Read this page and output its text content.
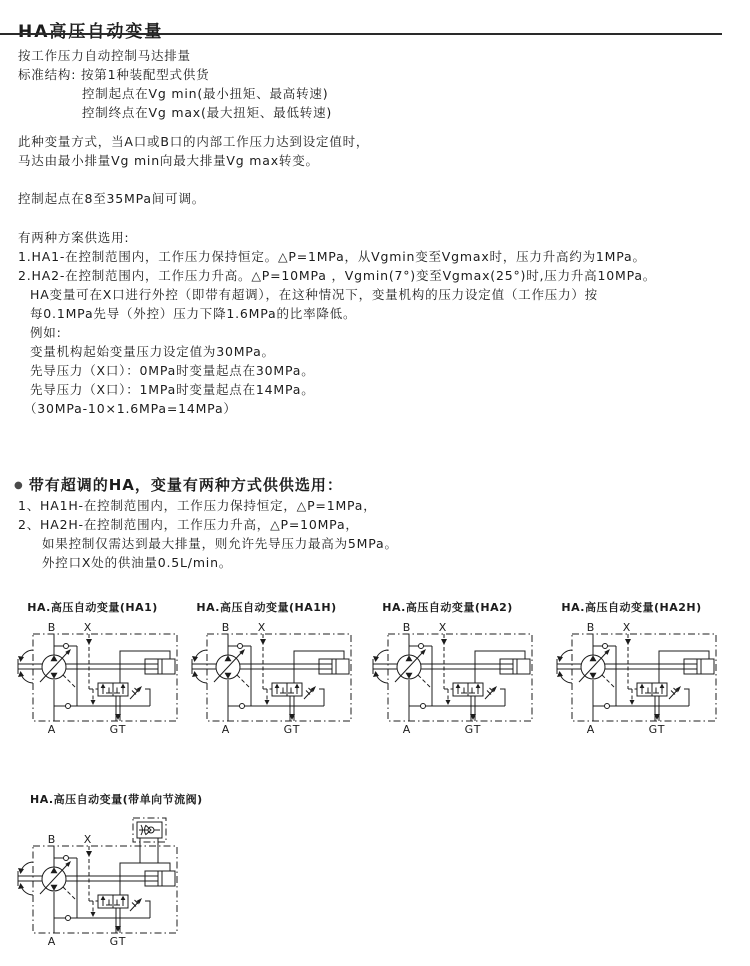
按工作压力自动控制马达排量
标准结构: 按第1种装配型式供货
控制起点在Vg min(最小扭矩、最高转速)
控制终点在Vg max(最大扭矩、最低转速)
此种变量方式，当A口或B口的内部工作压力达到设定值时，
马达由最小排量Vg min向最大排量Vg max转变。
控制起点在8至35MPa间可调。
有两种方案供选用:
1.HA1-在控制范围内，工作压力保持恒定。△P=1MPa，从Vgmin变至Vgmax时，压力升高约为1MPa。
2.HA2-在控制范围内，工作压力升高。△P=10MPa ，Vgmin(7°)变至Vgmax(25°)时,压力升高10MPa。
HA变量可在X口进行外控（即带有超调），在这种情况下，变量机构的压力设定值（工作压力）按
每0.1MPa先导（外控）压力下降1.6MPa的比率降低。
例如:
变量机构起始变量压力设定值为30MPa。
先导压力（X口）：0MPa时变量起点在30MPa。
先导压力（X口）：1MPa时变量起点在14MPa。
（30MPa-10×1.6MPa=14MPa）
● 带有超调的HA，变量有两种方式供供选用：
1、HA1H-在控制范围内，工作压力保持恒定，△P=1MPa，
2、HA2H-在控制范围内，工作压力升高，△P=10MPa，
如果控制仅需达到最大排量，则允许先导压力最高为5MPa。
外控口X处的供油量0.5L/min。
HA.高压自动变量(HA1)
B X
A	GT
HA.高压自动变量(HA1H)
B X
A	GT
HA.高压自动变量(HA2)
B X
A	GT
HA.高压自动变量(HA2H)
B X
A	GT
HA.高压自动变量(带单向节流阀)
B X
A	GT
